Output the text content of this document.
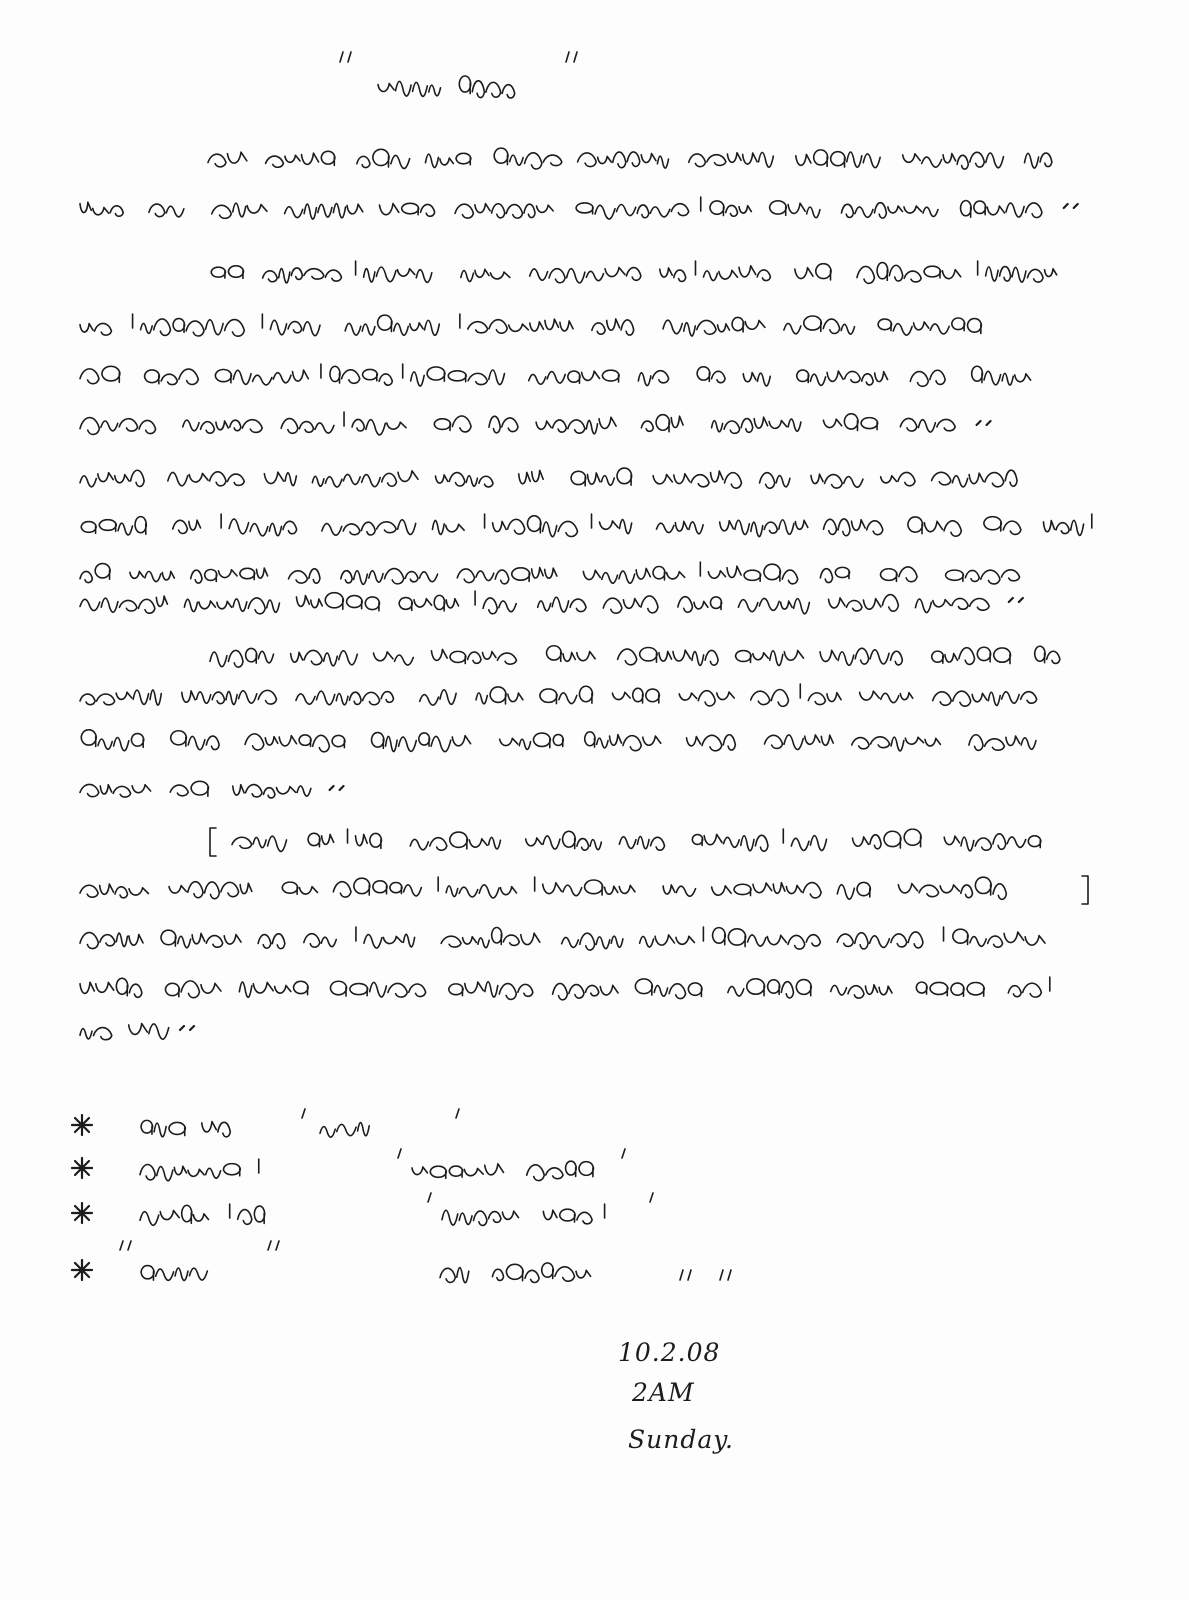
10.2.08
2AM
Sunday.
